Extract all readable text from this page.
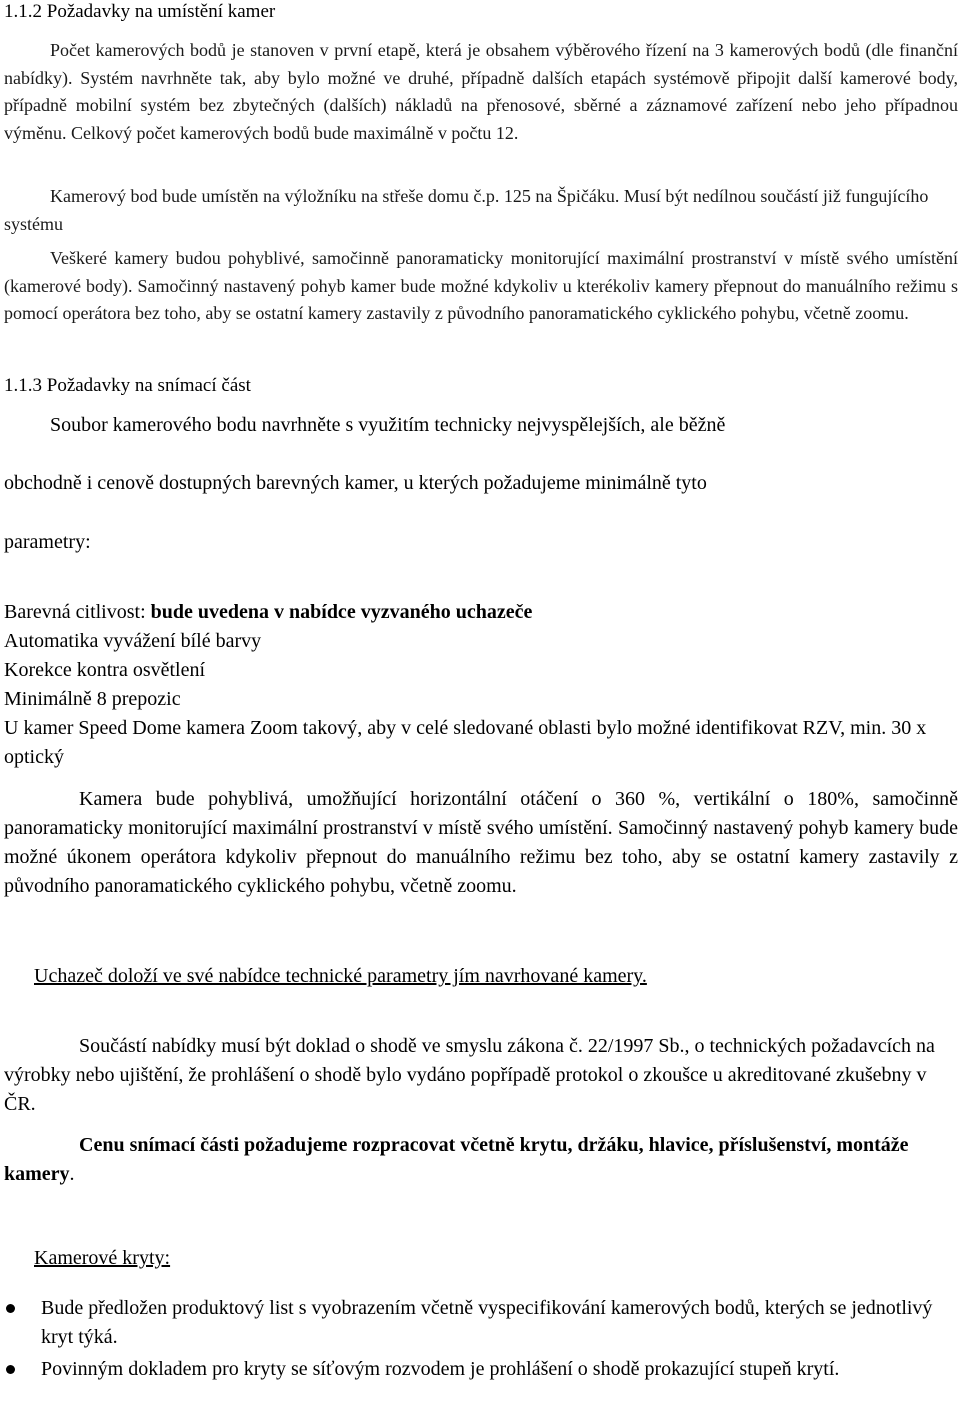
1.1.2 Požadavky na umístění kamer

Počet kamerových bodů je stanoven v první etapě, která je obsahem výběrového řízení na 3 kamerových bodů (dle finanční nabídky). Systém navrhněte tak, aby bylo možné ve druhé, případně dalších etapách systémově připojit další kamerové body, případně mobilní systém bez zbytečných (dalších) nákladů na přenosové, sběrné a záznamové zařízení nebo jeho případnou výměnu. Celkový počet kamerových bodů bude maximálně v počtu 12.

Kamerový bod bude umístěn na výložníku na střeše domu č.p. 125 na Špičáku. Musí být nedílnou součástí již fungujícího systému

Veškeré kamery budou pohyblivé, samočinně panoramaticky monitorující maximální prostranství v místě svého umístění (kamerové body). Samočinný nastavený pohyb kamer bude možné kdykoliv u kterékoliv kamery přepnout do manuálního režimu s pomocí operátora bez toho, aby se ostatní kamery zastavily z původního panoramatického cyklického pohybu, včetně zoomu.

1.1.3 Požadavky na snímací část
Soubor kamerového bodu navrhněte s využitím technicky nejvyspělejších, ale běžně
obchodně i cenově dostupných barevných kamer, u kterých požadujeme minimálně tyto
parametry:
Barevná citlivost: bude uvedena v nabídce vyzvaného uchazeče
Automatika vyvážení bílé barvy
Korekce kontra osvětlení
Minimálně 8 prepozic

U kamer Speed Dome kamera Zoom takový, aby v celé sledované oblasti bylo možné identifikovat RZV, min. 30 x optický

Kamera bude pohyblivá, umožňující horizontální otáčení o 360 %, vertikální o 180%, samočinně panoramaticky monitorující maximální prostranství v místě svého umístění. Samočinný nastavený pohyb kamery bude možné úkonem operátora kdykoliv přepnout do manuálního režimu bez toho, aby se ostatní kamery zastavily z původního panoramatického cyklického pohybu, včetně zoomu.

Uchazeč doloží ve své nabídce technické parametry jím navrhované kamery.

Součástí nabídky musí být doklad o shodě ve smyslu zákona č. 22/1997 Sb., o technických požadavcích na výrobky nebo ujištění, že prohlášení o shodě bylo vydáno popřípadě protokol o zkoušce u akreditované zkušebny v ČR.

Cenu snímací části požadujeme rozpracovat včetně krytu, držáku, hlavice, příslušenství, montáže kamery.

Kamerové kryty:
Bude předložen produktový list s vyobrazením včetně vyspecifikování kamerových bodů, kterých se jednotlivý kryt týká.
Povinným dokladem pro kryty se síťovým rozvodem je prohlášení o shodě prokazující stupeň krytí.
